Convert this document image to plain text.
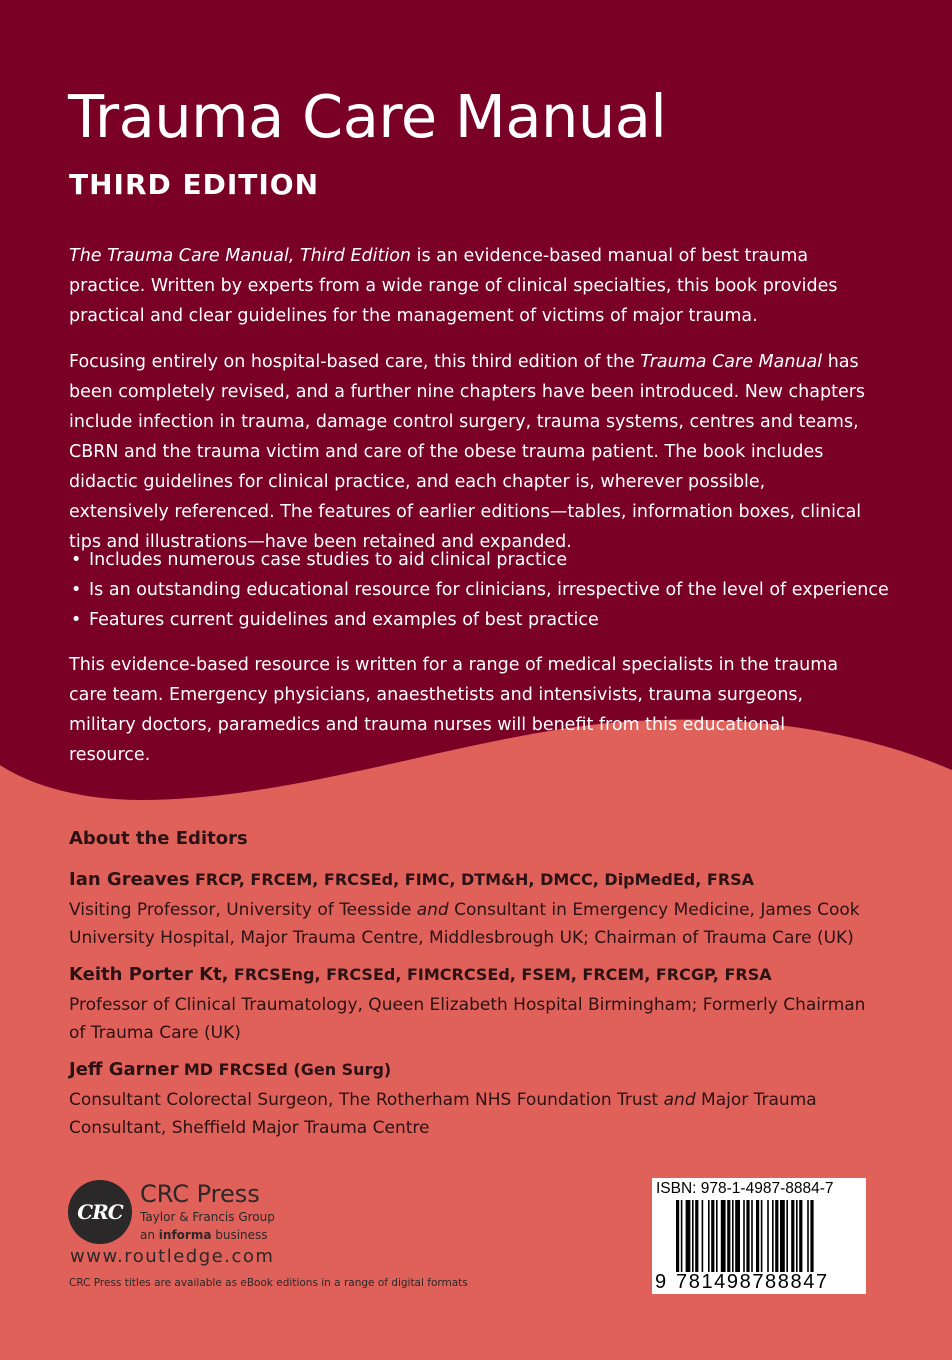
Trauma Care Manual
THIRD EDITION

The Trauma Care Manual, Third Edition is an evidence-based manual of best trauma practice. Written by experts from a wide range of clinical specialties, this book provides practical and clear guidelines for the management of victims of major trauma.

Focusing entirely on hospital-based care, this third edition of the Trauma Care Manual has been completely revised, and a further nine chapters have been introduced. New chapters include infection in trauma, damage control surgery, trauma systems, centres and teams, CBRN and the trauma victim and care of the obese trauma patient. The book includes didactic guidelines for clinical practice, and each chapter is, wherever possible, extensively referenced. The features of earlier editions—tables, information boxes, clinical tips and illustrations—have been retained and expanded.

• Includes numerous case studies to aid clinical practice
• Is an outstanding educational resource for clinicians, irrespective of the level of experience
• Features current guidelines and examples of best practice

This evidence-based resource is written for a range of medical specialists in the trauma care team. Emergency physicians, anaesthetists and intensivists, trauma surgeons, military doctors, paramedics and trauma nurses will benefit from this educational resource.

About the Editors

Ian Greaves FRCP, FRCEM, FRCSEd, FIMC, DTM&H, DMCC, DipMedEd, FRSA

Visiting Professor, University of Teesside and Consultant in Emergency Medicine, James Cook University Hospital, Major Trauma Centre, Middlesbrough UK; Chairman of Trauma Care (UK)

Keith Porter Kt, FRCSEng, FRCSEd, FIMCRCSEd, FSEM, FRCEM, FRCGP, FRSA

Professor of Clinical Traumatology, Queen Elizabeth Hospital Birmingham; Formerly Chairman of Trauma Care (UK)

Jeff Garner MD FRCSEd (Gen Surg)

Consultant Colorectal Surgeon, The Rotherham NHS Foundation Trust and Major Trauma Consultant, Sheffield Major Trauma Centre

CRC

CRC Press

Taylor & Francis Group

an informa business

www.routledge.com

CRC Press titles are available as eBook editions in a range of digital formats

ISBN: 978-1-4987-8884-7

9 781498788847
